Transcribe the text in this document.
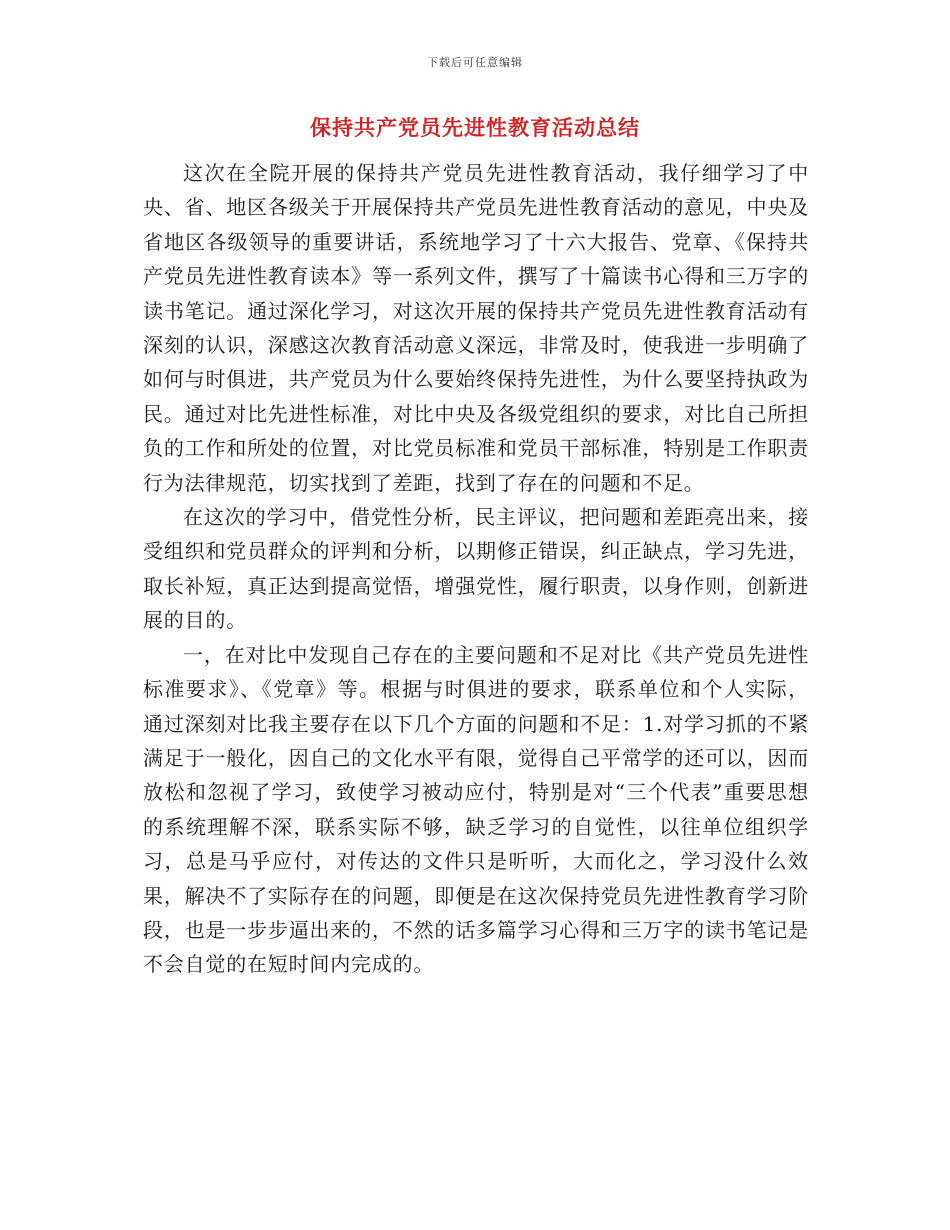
下载后可任意编辑
保持共产党员先进性教育活动总结

这次在全院开展的保持共产党员先进性教育活动，我仔细学习了中央、省、地区各级关于开展保持共产党员先进性教育活动的意见，中央及省地区各级领导的重要讲话，系统地学习了十六大报告、党章、《保持共产党员先进性教育读本》等一系列文件，撰写了十篇读书心得和三万字的读书笔记。通过深化学习，对这次开展的保持共产党员先进性教育活动有深刻的认识，深感这次教育活动意义深远，非常及时，使我进一步明确了如何与时俱进，共产党员为什么要始终保持先进性，为什么要坚持执政为民。通过对比先进性标准，对比中央及各级党组织的要求，对比自己所担负的工作和所处的位置，对比党员标准和党员干部标准，特别是工作职责行为法律规范，切实找到了差距，找到了存在的问题和不足。

在这次的学习中，借党性分析，民主评议，把问题和差距亮出来，接受组织和党员群众的评判和分析，以期修正错误，纠正缺点，学习先进，取长补短，真正达到提高觉悟，增强党性，履行职责，以身作则，创新进展的目的。

一，在对比中发现自己存在的主要问题和不足对比《共产党员先进性标准要求》、《党章》等。根据与时俱进的要求，联系单位和个人实际，通过深刻对比我主要存在以下几个方面的问题和不足：1.对学习抓的不紧满足于一般化，因自己的文化水平有限，觉得自己平常学的还可以，因而放松和忽视了学习，致使学习被动应付，特别是对“三个代表”重要思想的系统理解不深，联系实际不够，缺乏学习的自觉性，以往单位组织学习，总是马乎应付，对传达的文件只是听听，大而化之，学习没什么效果，解决不了实际存在的问题，即便是在这次保持党员先进性教育学习阶段，也是一步步逼出来的，不然的话多篇学习心得和三万字的读书笔记是不会自觉的在短时间内完成的。
